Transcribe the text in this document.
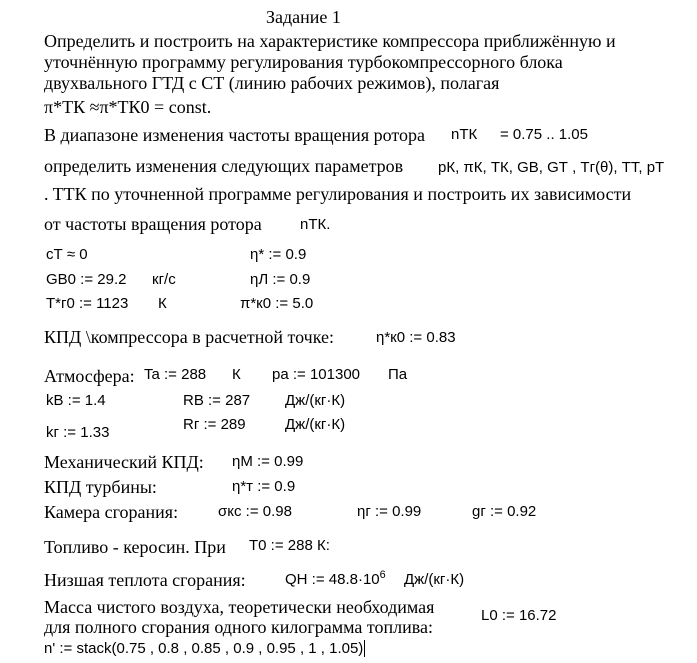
Задание 1
Определить и построить на характеристике компрессора приближённую и
уточнённую программу регулирования турбокомпрессорного блока
двухвального ГТД с СТ (линию рабочих режимов), полагая
π*ТК ≈π*ТК0 = const.
В диапазоне изменения частоты вращения ротора nТК = 0.75 .. 1.05
определить изменения следующих параметров pК, πК, TК, GВ, GТ , Тг(θ), TТ, pТ
. TТК по уточненной программе регулирования и построить их зависимости
от частоты вращения ротора	nТК.
cТ ≈ 0	η* := 0.9
GВ0 := 29.2 кг/с	ηЛ := 0.9
T*г0 := 1123 К	π*к0 := 5.0
КПД \компрессора в расчетной точке:	η*к0 := 0.83
Атмосфера: Ta := 288 К pa := 101300 Па
kВ := 1.4	RВ := 287 Дж/(кг·К)
kг := 1.33	Rг := 289	Дж/(кг·К)
Механический КПД: ηМ := 0.99
КПД турбины:	η*т := 0.9
Камера сгорания:	σкс := 0.98	ηг := 0.99	gг := 0.92
Топливо - керосин. При T0 := 288 К:
Низшая теплота сгорания:	QН := $48.8\cdot 10^6$ Дж/(кг·К)
Масса чистого воздуха, теоретически необходимая
для полного сгорания одного килограмма топлива:
L0 := 16.72
n' := stack(0.75 , 0.8 , 0.85 , 0.9 , 0.95 , 1 , 1.05)
